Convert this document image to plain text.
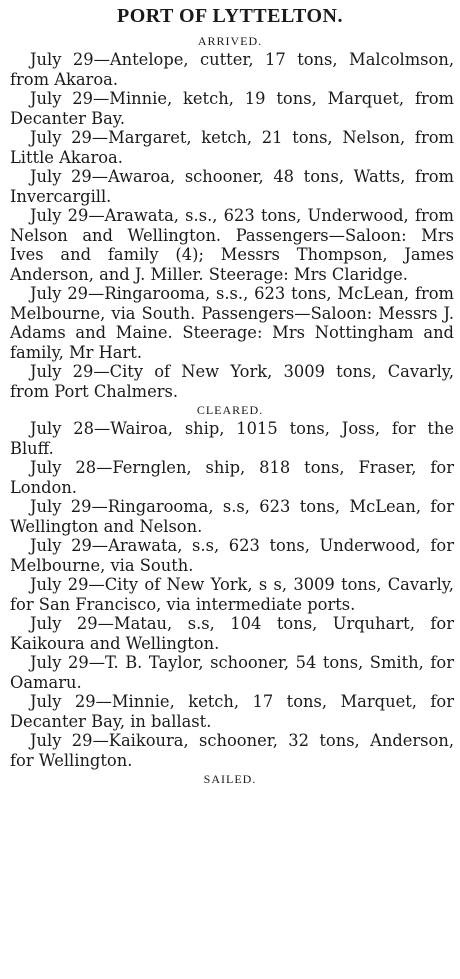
PORT OF LYTTELTON.
ARRIVED.

July 29—Antelope, cutter, 17 tons, Malcolmson, from Akaroa.

July 29—Minnie, ketch, 19 tons, Marquet, from Decanter Bay.

July 29—Margaret, ketch, 21 tons, Nelson, from Little Akaroa.

July 29—Awaroa, schooner, 48 tons, Watts, from Invercargill.

July 29—Arawata, s.s., 623 tons, Underwood, from Nelson and Wellington. Passengers—Saloon: Mrs Ives and family (4); Messrs Thompson, James Anderson, and J. Miller. Steerage: Mrs Claridge.

July 29—Ringarooma, s.s., 623 tons, McLean, from Melbourne, via South. Passengers—Saloon: Messrs J. Adams and Maine. Steerage: Mrs Nottingham and family, Mr Hart.

July 29—City of New York, 3009 tons, Cavarly, from Port Chalmers.

CLEARED.

July 28—Wairoa, ship, 1015 tons, Joss, for the Bluff.

July 28—Fernglen, ship, 818 tons, Fraser, for London.

July 29—Ringarooma, s.s, 623 tons, McLean, for Wellington and Nelson.

July 29—Arawata, s.s, 623 tons, Underwood, for Melbourne, via South.

July 29—City of New York, s s, 3009 tons, Cavarly, for San Francisco, via intermediate ports.

July 29—Matau, s.s, 104 tons, Urquhart, for Kaikoura and Wellington.

July 29—T. B. Taylor, schooner, 54 tons, Smith, for Oamaru.

July 29—Minnie, ketch, 17 tons, Marquet, for Decanter Bay, in ballast.

July 29—Kaikoura, schooner, 32 tons, Anderson, for Wellington.

SAILED.
